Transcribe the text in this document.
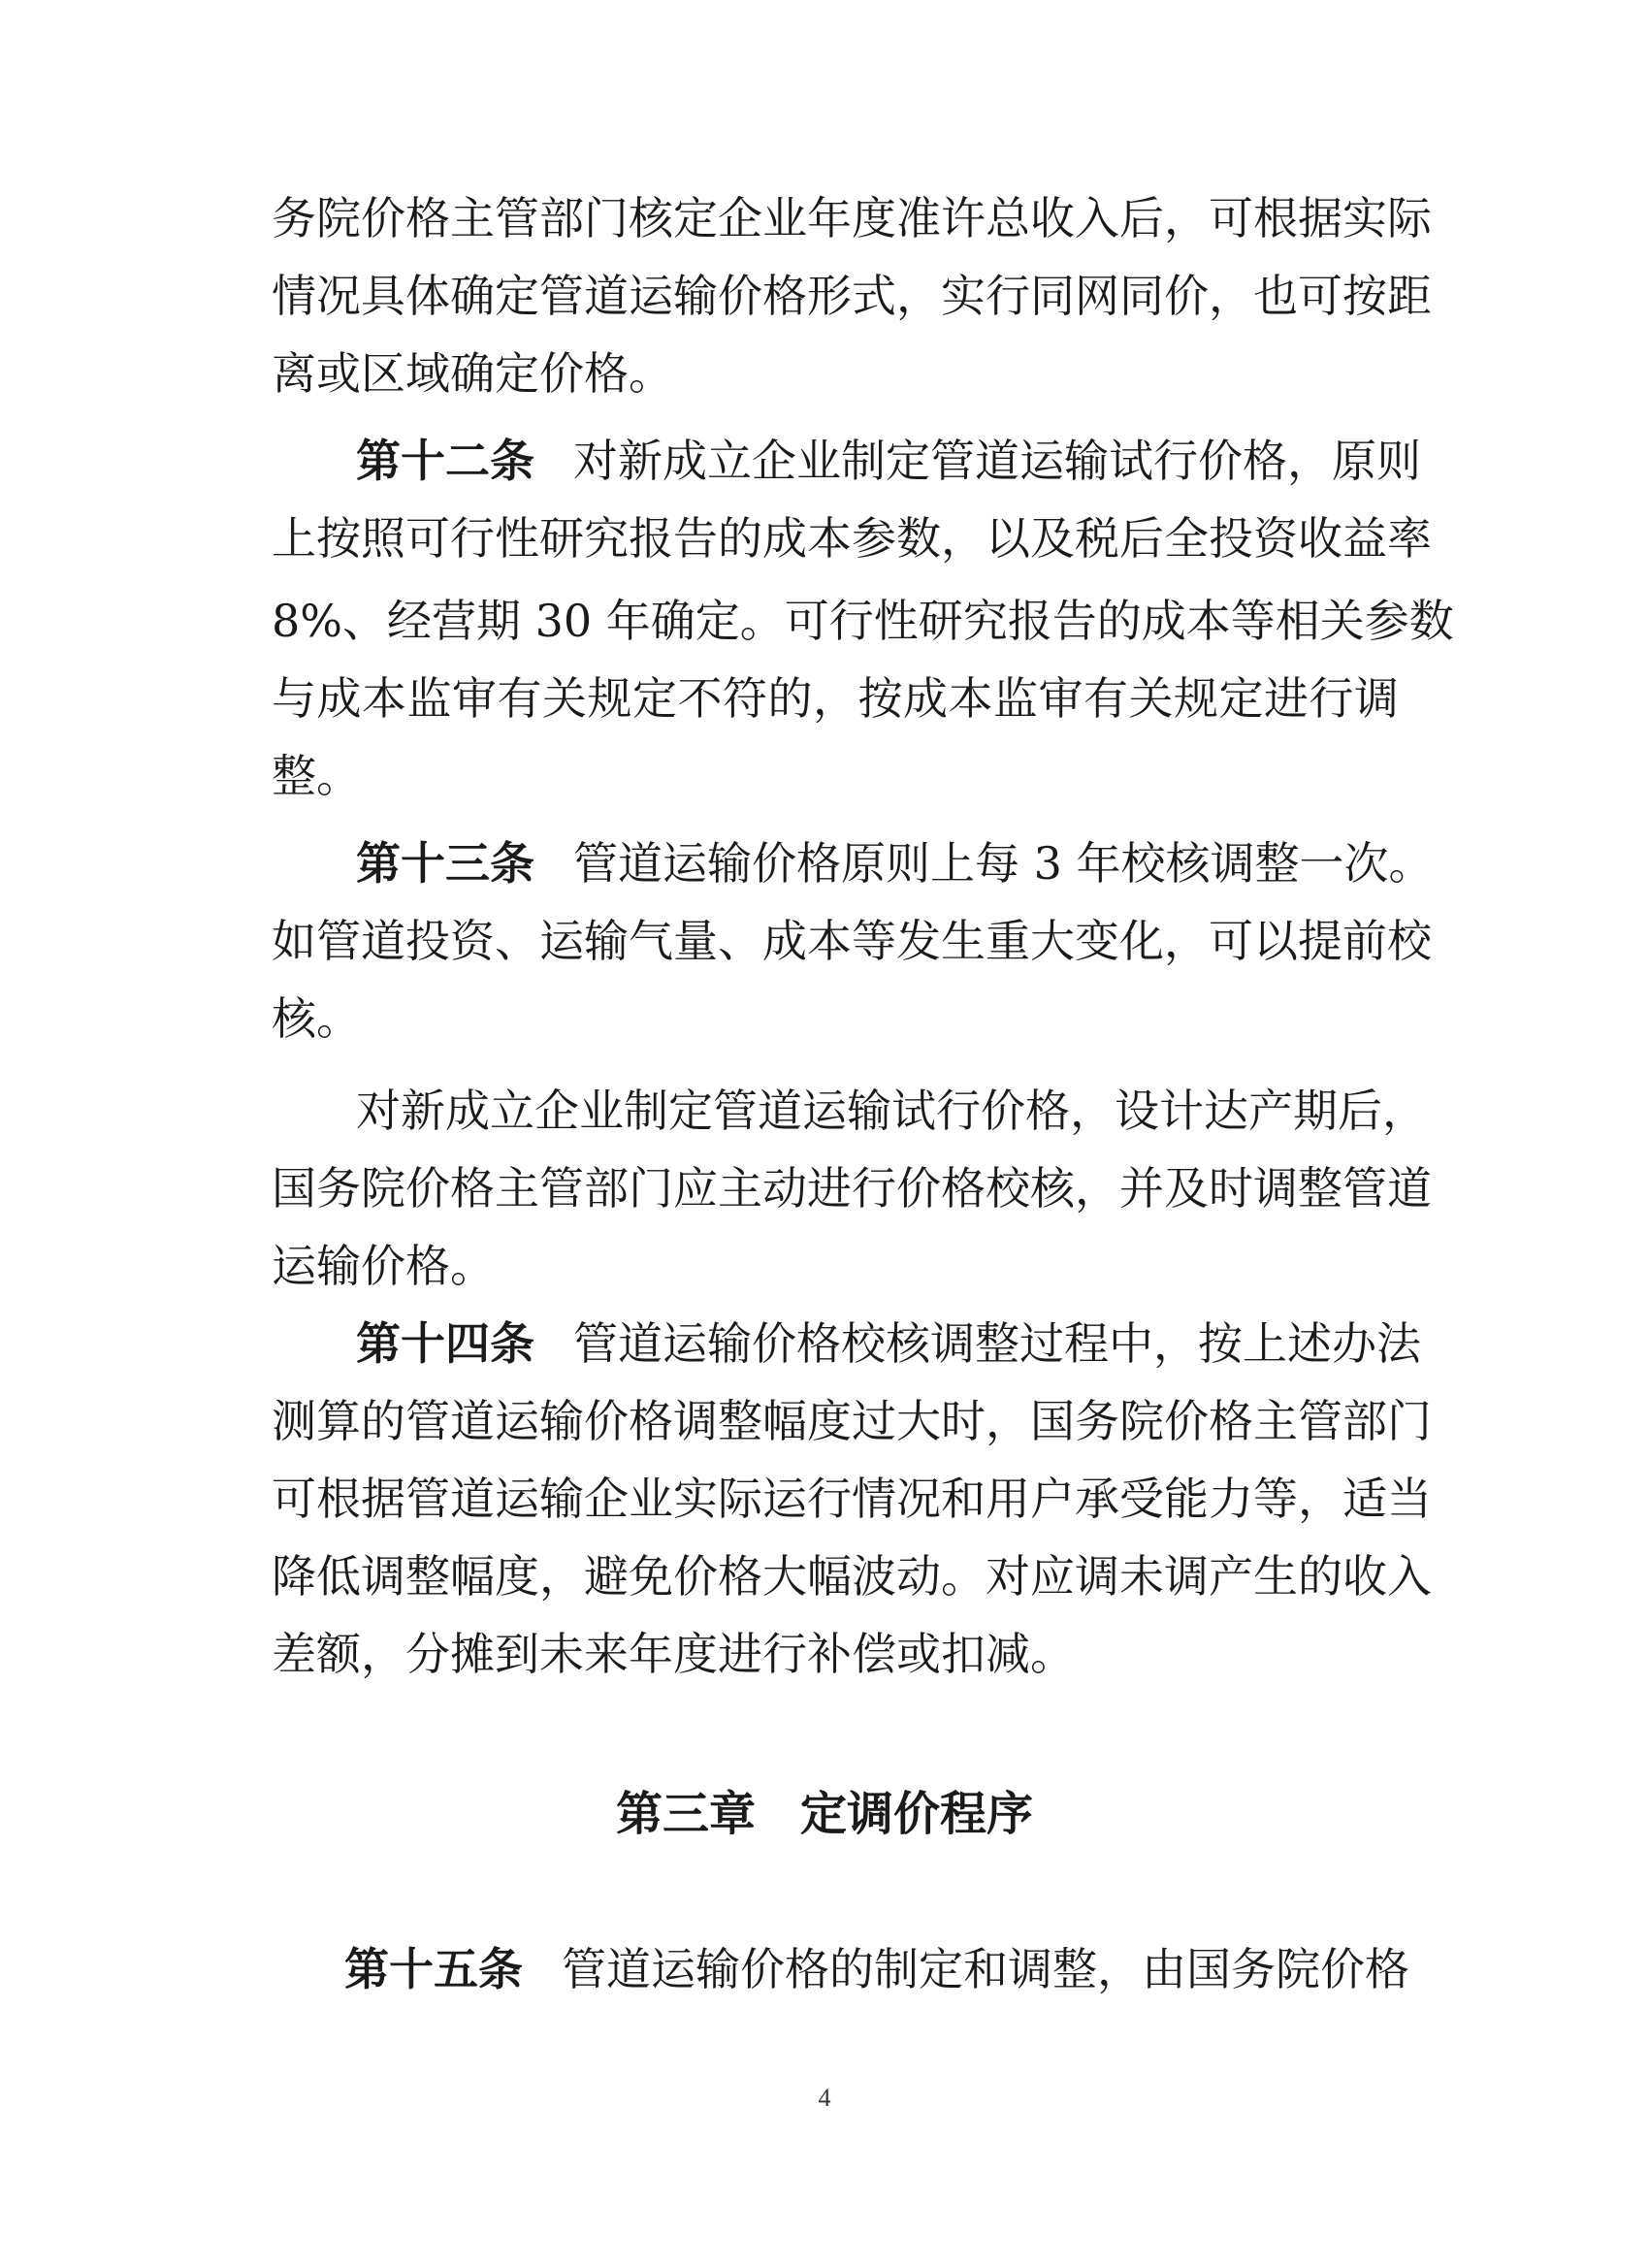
务院价格主管部门核定企业年度准许总收入后，可根据实际
情况具体确定管道运输价格形式，实行同网同价，也可按距
离或区域确定价格。
第十二条 对新成立企业制定管道运输试行价格，原则
上按照可行性研究报告的成本参数，以及税后全投资收益率
8%、经营期 30 年确定。可行性研究报告的成本等相关参数
与成本监审有关规定不符的，按成本监审有关规定进行调
整。
第十三条 管道运输价格原则上每 3 年校核调整一次。
如管道投资、运输气量、成本等发生重大变化，可以提前校
核。
对新成立企业制定管道运输试行价格，设计达产期后，
国务院价格主管部门应主动进行价格校核，并及时调整管道
运输价格。
第十四条 管道运输价格校核调整过程中，按上述办法
测算的管道运输价格调整幅度过大时，国务院价格主管部门
可根据管道运输企业实际运行情况和用户承受能力等，适当
降低调整幅度，避免价格大幅波动。对应调未调产生的收入
差额，分摊到未来年度进行补偿或扣减。
第三章 定调价程序
第十五条 管道运输价格的制定和调整，由国务院价格
4
